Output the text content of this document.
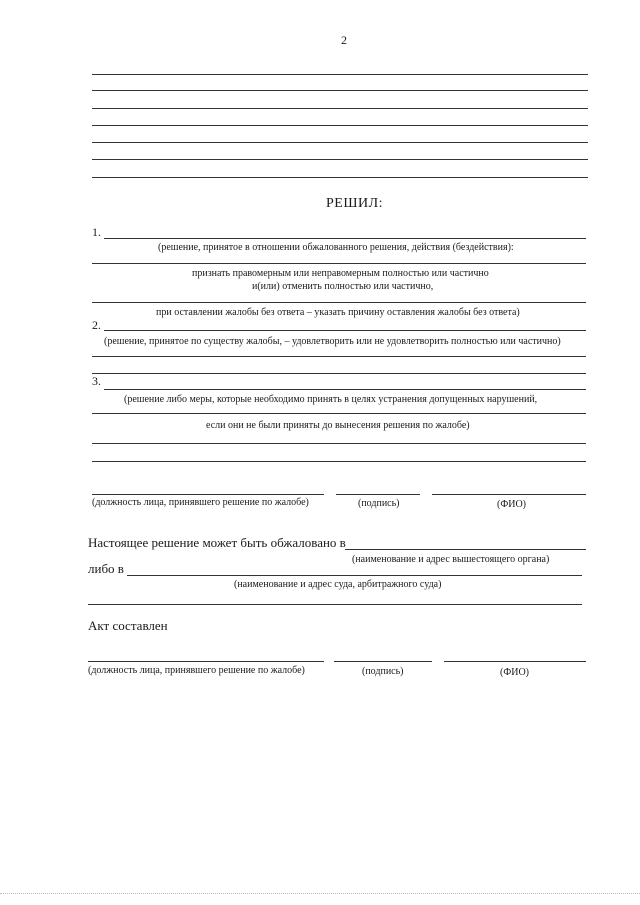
2
РЕШИЛ:
1.
(решение, принятое в отношении обжалованного решения, действия (бездействия):
признать правомерным или неправомерным полностью или частично
и(или) отменить полностью или частично,
при оставлении жалобы без ответа – указать причину оставления жалобы без ответа)
2.
(решение, принятое по существу жалобы, – удовлетворить или не удовлетворить полностью или частично)
3.
(решение либо меры, которые необходимо принять в целях устранения допущенных нарушений,
если они не были приняты до вынесения решения по жалобе)
(должность лица, принявшего решение по жалобе)	(подпись)	(ФИО)
Настоящее решение может быть обжаловано в
(наименование и адрес вышестоящего органа)
либо в
(наименование и адрес суда, арбитражного суда)
Акт составлен
(должность лица, принявшего решение по жалобе)	(подпись)	(ФИО)
